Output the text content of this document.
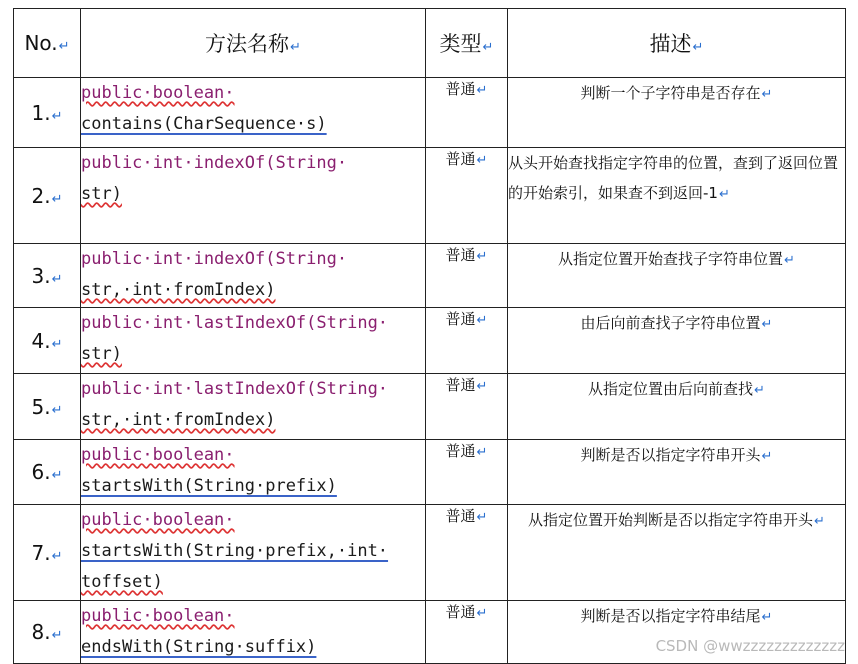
No.↵	方法名称↵	类型↵	描述↵
1.↵	public·boolean·
contains(CharSequence·s)	普通↵	判断一个子字符串是否存在↵
2.↵	public·int·indexOf(String·
str)	普通↵	从头开始查找指定字符串的位置，查到了返回位置的开始索引，如果查不到返回-1↵
3.↵	public·int·indexOf(String·
str,·int·fromIndex)	普通↵	从指定位置开始查找子字符串位置↵
4.↵	public·int·lastIndexOf(String·
str)	普通↵	由后向前查找子字符串位置↵
5.↵	public·int·lastIndexOf(String·
str,·int·fromIndex)	普通↵	从指定位置由后向前查找↵
6.↵	public·boolean·
startsWith(String·prefix)	普通↵	判断是否以指定字符串开头↵
7.↵	public·boolean·
startsWith(String·prefix,·int·
toffset)	普通↵	从指定位置开始判断是否以指定字符串开头↵
8.↵	public·boolean·
endsWith(String·suffix)	普通↵	判断是否以指定字符串结尾↵
CSDN @wwzzzzzzzzzzzzz
